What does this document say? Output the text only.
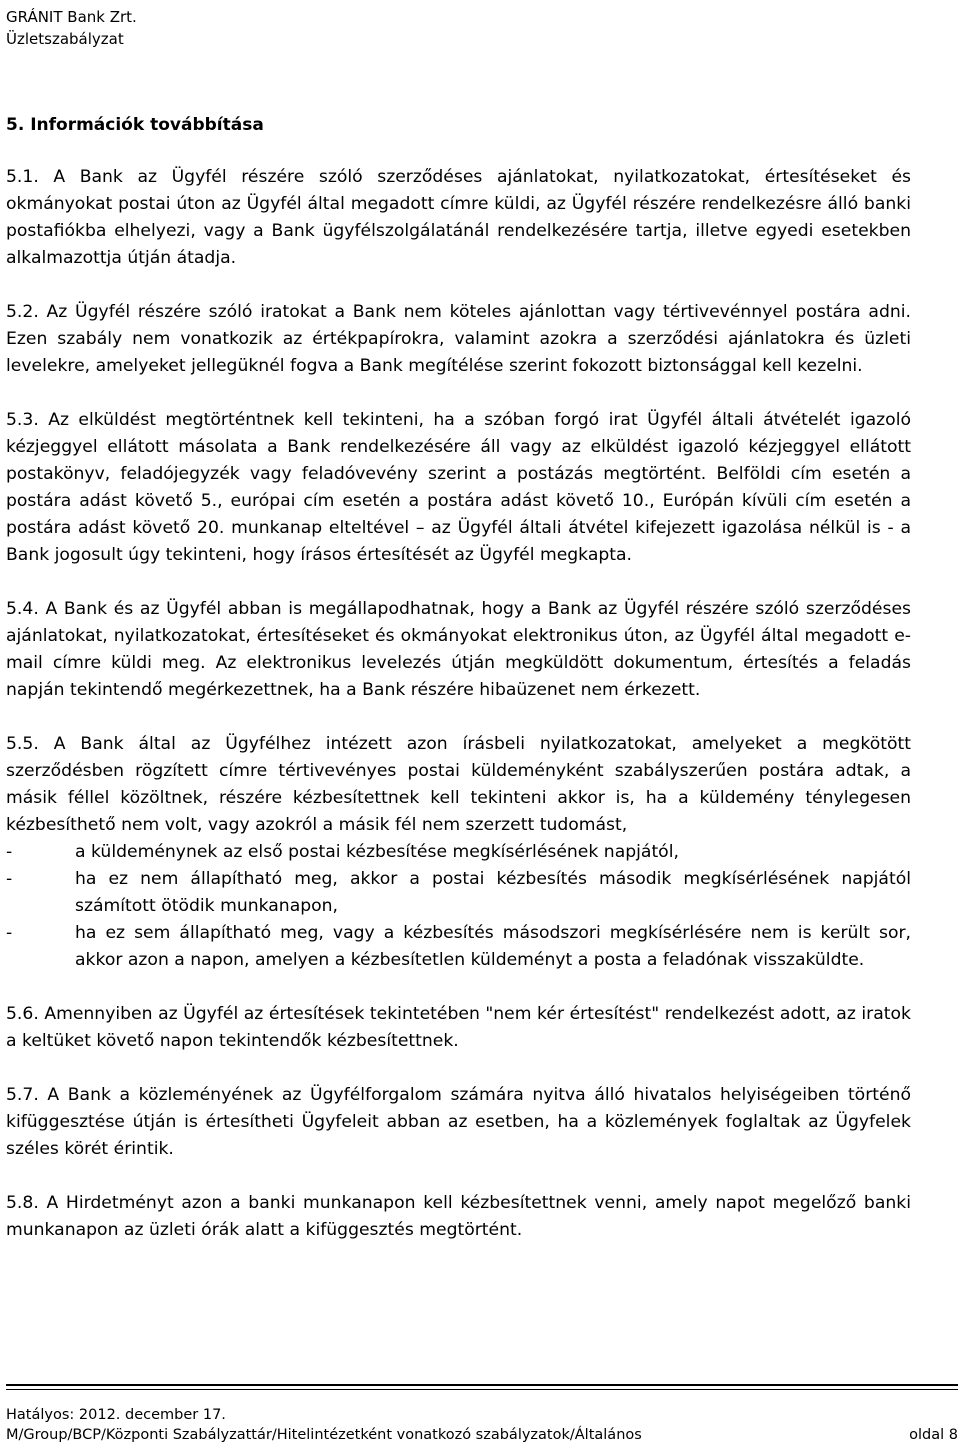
GRÁNIT Bank Zrt.
Üzletszabályzat
5. Információk továbbítása

5.1. A Bank az Ügyfél részére szóló szerződéses ajánlatokat, nyilatkozatokat, értesítéseket és okmányokat postai úton az Ügyfél által megadott címre küldi, az Ügyfél részére rendelkezésre álló banki postafiókba elhelyezi, vagy a Bank ügyfélszolgálatánál rendelkezésére tartja, illetve egyedi esetekben alkalmazottja útján átadja.

5.2. Az Ügyfél részére szóló iratokat a Bank nem köteles ajánlottan vagy tértivevénnyel postára adni. Ezen szabály nem vonatkozik az értékpapírokra, valamint azokra a szerződési ajánlatokra és üzleti levelekre, amelyeket jellegüknél fogva a Bank megítélése szerint fokozott biztonsággal kell kezelni.

5.3. Az elküldést megtörténtnek kell tekinteni, ha a szóban forgó irat Ügyfél általi átvételét igazoló kézjeggyel ellátott másolata a Bank rendelkezésére áll vagy az elküldést igazoló kézjeggyel ellátott postakönyv, feladójegyzék vagy feladóvevény szerint a postázás megtörtént. Belföldi cím esetén a postára adást követő 5., európai cím esetén a postára adást követő 10., Európán kívüli cím esetén a postára adást követő 20. munkanap elteltével – az Ügyfél általi átvétel kifejezett igazolása nélkül is - a Bank jogosult úgy tekinteni, hogy írásos értesítését az Ügyfél megkapta.

5.4. A Bank és az Ügyfél abban is megállapodhatnak, hogy a Bank az Ügyfél részére szóló szerződéses ajánlatokat, nyilatkozatokat, értesítéseket és okmányokat elektronikus úton, az Ügyfél által megadott e-mail címre küldi meg. Az elektronikus levelezés útján megküldött dokumentum, értesítés a feladás napján tekintendő megérkezettnek, ha a Bank részére hibaüzenet nem érkezett.

5.5. A Bank által az Ügyfélhez intézett azon írásbeli nyilatkozatokat, amelyeket a megkötött szerződésben rögzített címre tértivevényes postai küldeményként szabályszerűen postára adtak, a másik féllel közöltnek, részére kézbesítettnek kell tekinteni akkor is, ha a küldemény ténylegesen kézbesíthető nem volt, vagy azokról a másik fél nem szerzett tudomást,

-	a küldeménynek az első postai kézbesítése megkísérlésének napjától,
-	ha ez nem állapítható meg, akkor a postai kézbesítés második megkísérlésének napjától számított ötödik munkanapon,
-	ha ez sem állapítható meg, vagy a kézbesítés másodszori megkísérlésére nem is került sor, akkor azon a napon, amelyen a kézbesítetlen küldeményt a posta a feladónak visszaküldte.

5.6. Amennyiben az Ügyfél az értesítések tekintetében "nem kér értesítést" rendelkezést adott, az iratok a keltüket követő napon tekintendők kézbesítettnek.

5.7. A Bank a közleményének az Ügyfélforgalom számára nyitva álló hivatalos helyiségeiben történő kifüggesztése útján is értesítheti Ügyfeleit abban az esetben, ha a közlemények foglaltak az Ügyfelek széles körét érintik.

5.8. A Hirdetményt azon a banki munkanapon kell kézbesítettnek venni, amely napot megelőző banki munkanapon az üzleti órák alatt a kifüggesztés megtörtént.

Hatályos: 2012. december 17.
M/Group/BCP/Központi Szabályzattár/Hitelintézetként vonatkozó szabályzatok/Általános	oldal 8
